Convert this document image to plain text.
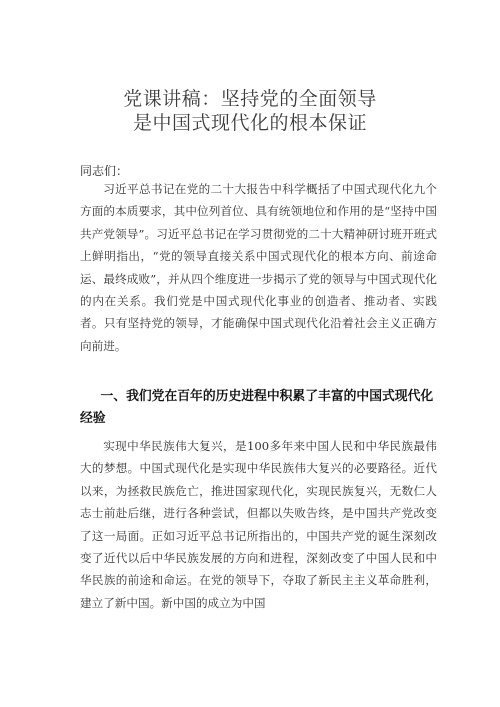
党课讲稿：坚持党的全面领导
是中国式现代化的根本保证

同志们：

习近平总书记在党的二十大报告中科学概括了中国式现代化九个方面的本质要求，其中位列首位、具有统领地位和作用的是“坚持中国共产党领导”。习近平总书记在学习贯彻党的二十大精神研讨班开班式上鲜明指出，“党的领导直接关系中国式现代化的根本方向、前途命运、最终成败”，并从四个维度进一步揭示了党的领导与中国式现代化的内在关系。我们党是中国式现代化事业的创造者、推动者、实践者。只有坚持党的领导，才能确保中国式现代化沿着社会主义正确方向前进。

一、我们党在百年的历史进程中积累了丰富的中国式现代化经验

实现中华民族伟大复兴，是100多年来中国人民和中华民族最伟大的梦想。中国式现代化是实现中华民族伟大复兴的必要路径。近代以来，为拯救民族危亡，推进国家现代化，实现民族复兴，无数仁人志士前赴后继，进行各种尝试，但都以失败告终，是中国共产党改变了这一局面。正如习近平总书记所指出的，中国共产党的诞生深刻改变了近代以后中华民族发展的方向和进程，深刻改变了中国人民和中华民族的前途和命运。在党的领导下，夺取了新民主主义革命胜利，建立了新中国。新中国的成立为中国
